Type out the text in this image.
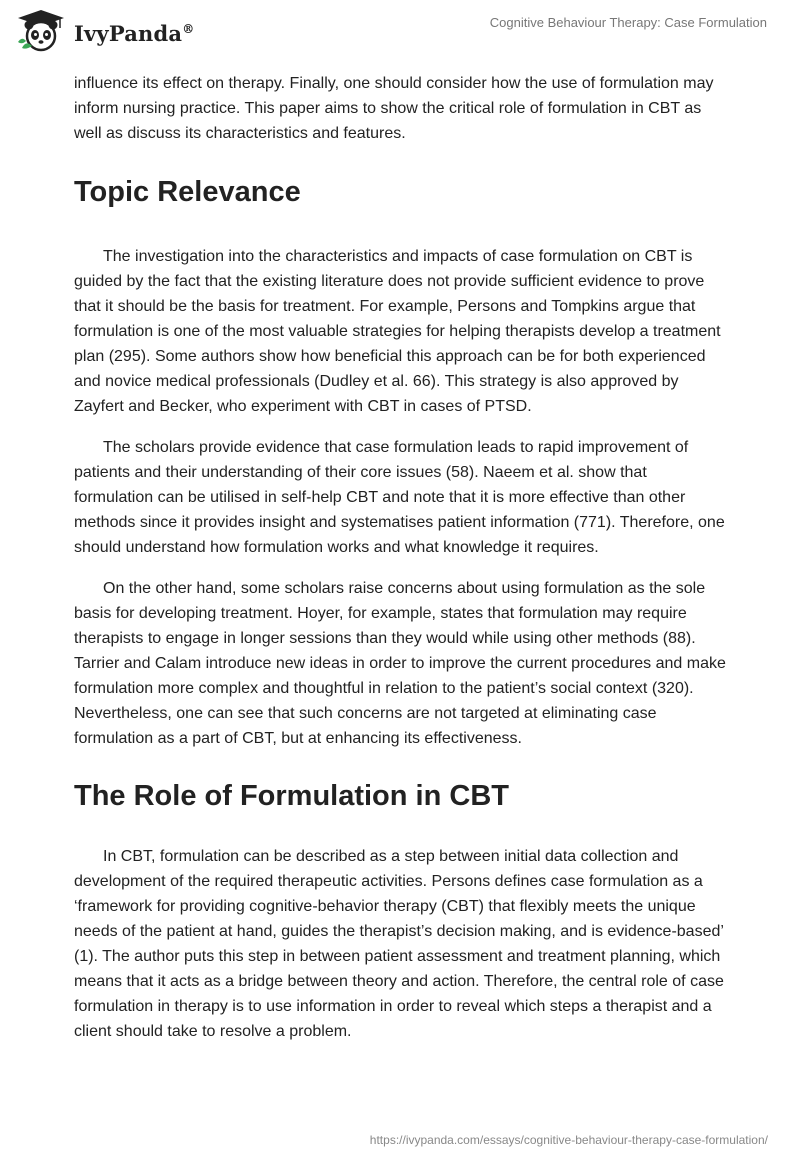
IvyPanda®	Cognitive Behaviour Therapy: Case Formulation

influence its effect on therapy. Finally, one should consider how the use of formulation may inform nursing practice. This paper aims to show the critical role of formulation in CBT as well as discuss its characteristics and features.

Topic Relevance

The investigation into the characteristics and impacts of case formulation on CBT is guided by the fact that the existing literature does not provide sufficient evidence to prove that it should be the basis for treatment. For example, Persons and Tompkins argue that formulation is one of the most valuable strategies for helping therapists develop a treatment plan (295). Some authors show how beneficial this approach can be for both experienced and novice medical professionals (Dudley et al. 66). This strategy is also approved by Zayfert and Becker, who experiment with CBT in cases of PTSD.

The scholars provide evidence that case formulation leads to rapid improvement of patients and their understanding of their core issues (58). Naeem et al. show that formulation can be utilised in self-help CBT and note that it is more effective than other methods since it provides insight and systematises patient information (771). Therefore, one should understand how formulation works and what knowledge it requires.

On the other hand, some scholars raise concerns about using formulation as the sole basis for developing treatment. Hoyer, for example, states that formulation may require therapists to engage in longer sessions than they would while using other methods (88). Tarrier and Calam introduce new ideas in order to improve the current procedures and make formulation more complex and thoughtful in relation to the patient’s social context (320). Nevertheless, one can see that such concerns are not targeted at eliminating case formulation as a part of CBT, but at enhancing its effectiveness.

The Role of Formulation in CBT

In CBT, formulation can be described as a step between initial data collection and development of the required therapeutic activities. Persons defines case formulation as a ‘framework for providing cognitive-behavior therapy (CBT) that flexibly meets the unique needs of the patient at hand, guides the therapist’s decision making, and is evidence-based’ (1). The author puts this step in between patient assessment and treatment planning, which means that it acts as a bridge between theory and action. Therefore, the central role of case formulation in therapy is to use information in order to reveal which steps a therapist and a client should take to resolve a problem.

https://ivypanda.com/essays/cognitive-behaviour-therapy-case-formulation/
